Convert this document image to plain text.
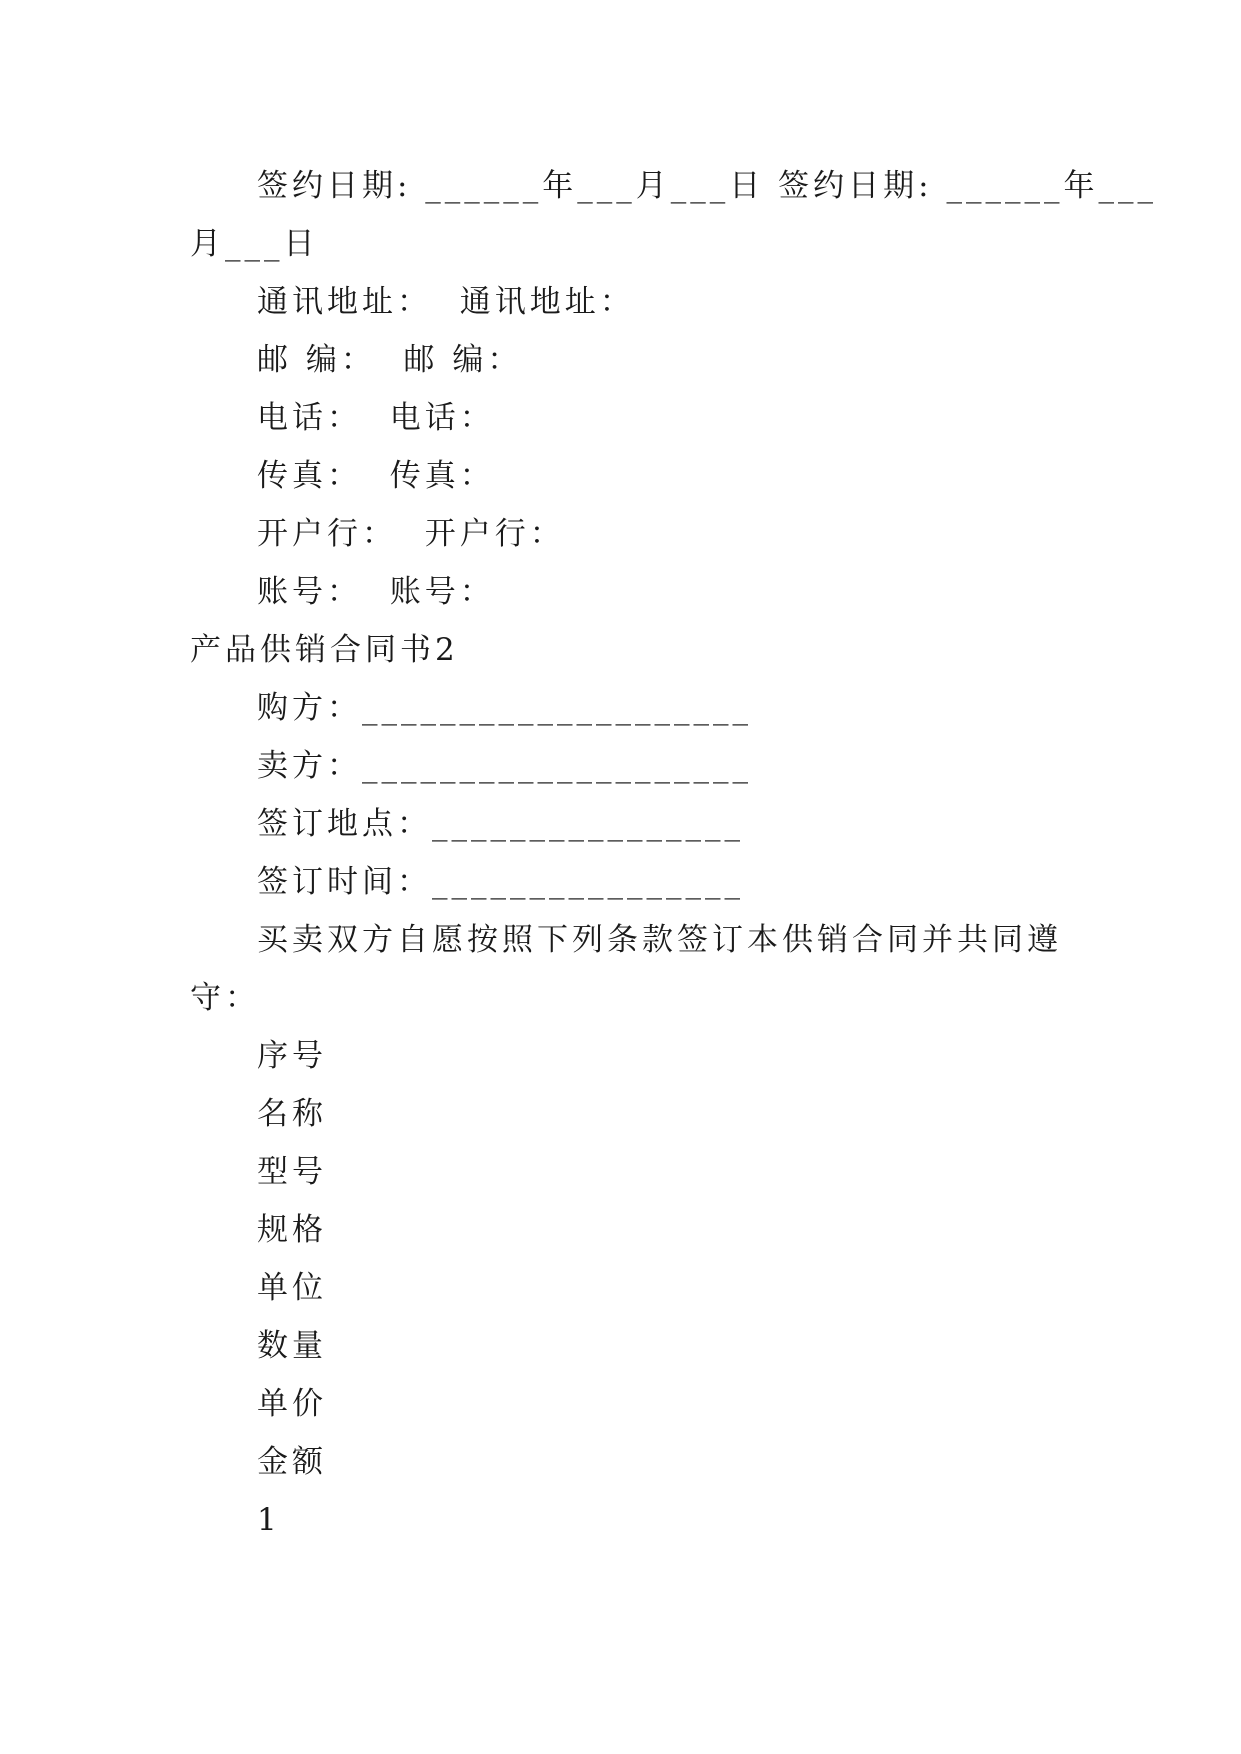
签约日期: ______年___月___日 签约日期: ______年___
月___日
通讯地址：  通讯地址：
邮 编：  邮 编：
电话：  电话：
传真：  传真：
开户行：  开户行：
账号：  账号：
产品供销合同书2
购方：____________________
卖方：____________________
签订地点：________________
签订时间：________________
买卖双方自愿按照下列条款签订本供销合同并共同遵
守：
序号
名称
型号
规格
单位
数量
单价
金额
1
